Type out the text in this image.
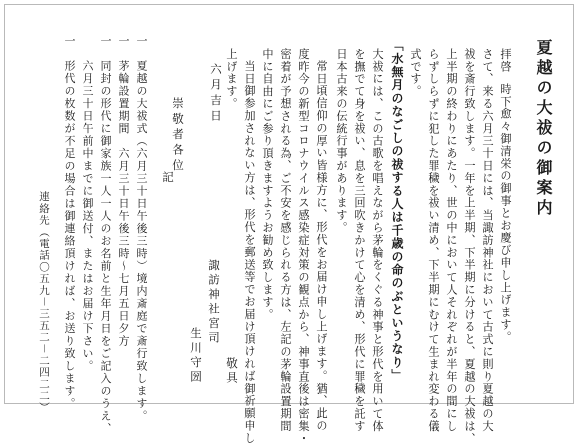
夏越の大祓の御案内
拝啓
時下愈々御清栄の御事とお慶び申し上げます。
さて、来る六月三十日には、当諏訪神社において古式に則り夏越の大
祓を斎行致します。一年を上半期、下半期に分けると、夏越の大祓は、
上半期の終わりにあたり、世の中において人それぞれが半年の間にし
らずしらずに犯した罪穢を祓い清め、下半期にむけて生まれ変わる儀
式です。
「水無月のなごしの祓する人は千歳の命のぶというなり」
大祓には、この古歌を唱えながら茅輪をくぐる神事と形代を用いて体
を撫でて身を祓い、息を三回吹きかけて心を清め、形代に罪穢を託す
日本古来の伝統行事があります。
常日頃信仰の厚い皆様方に、形代をお届け申し上げます。猶、此の
度昨今の新型コロナウイルス感染症対策の観点から、神事直後は密集・
密着が予想される為、ご不安を感じられる方は、左記の茅輪設置期間
中に自由にご参り頂きますようお勧め致します。
当日御参加されない方は、形代を郵送等でお届け頂ければ御祈願申し
上げます。
敬具
六月吉日
諏訪神社宮司
生川守圀
崇敬者各位
記
一　夏越の大祓式（六月三十日午後三時）境内斎庭で斎行致します。
一　茅輪設置期間　六月三十日午後三時～七月五日夕方
一　同封の形代に御家族一人一人のお名前と生年月日をご記入のうえ、
　　六月三十日午前中までに御送付、またはお届け下さい。
一　形代の枚数が不足の場合は御連絡頂ければ、お送り致します。
連絡先（電話〇五九－三五二－二四二二）
